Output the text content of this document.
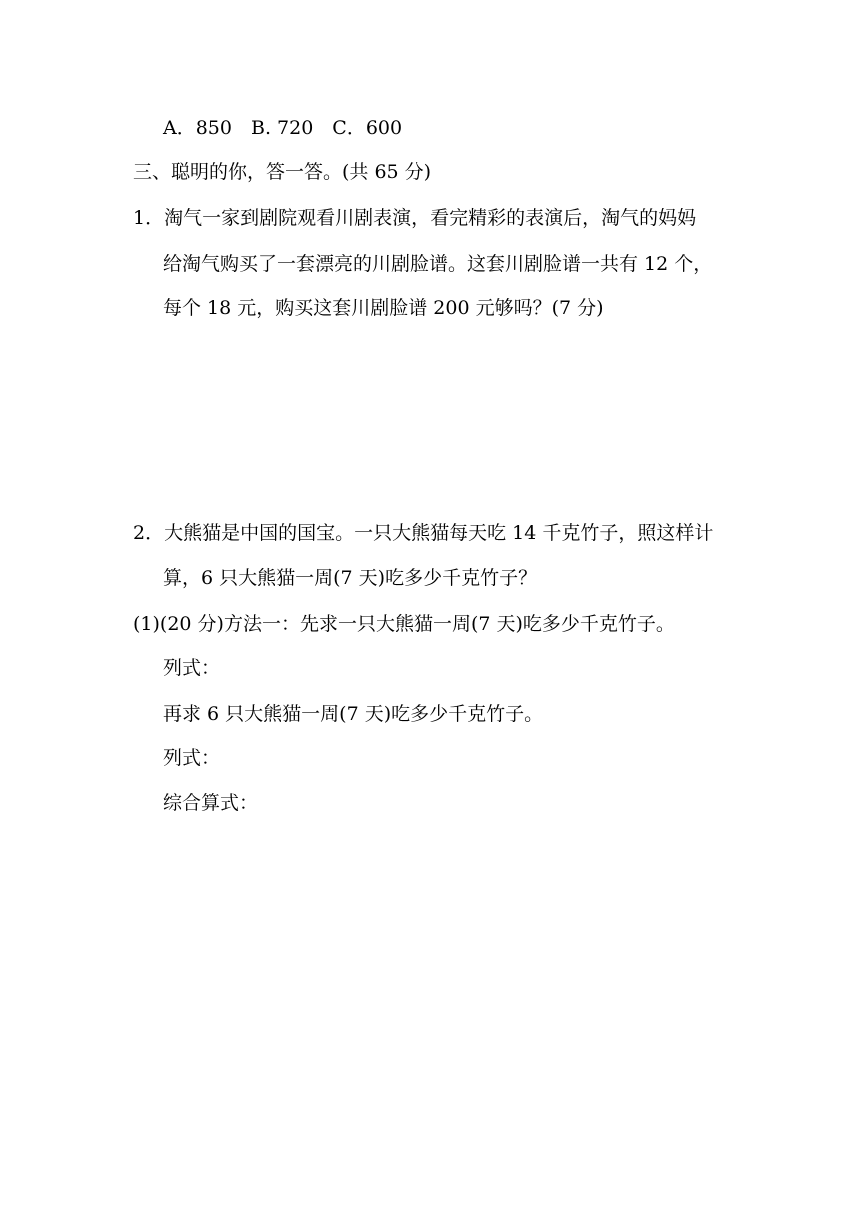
A．850　B. 720　C．600
三、聪明的你，答一答。(共 65 分)
1．淘气一家到剧院观看川剧表演，看完精彩的表演后，淘气的妈妈
给淘气购买了一套漂亮的川剧脸谱。这套川剧脸谱一共有 12 个，
每个 18 元，购买这套川剧脸谱 200 元够吗？(7 分)
2．大熊猫是中国的国宝。一只大熊猫每天吃 14 千克竹子，照这样计
算，6 只大熊猫一周(7 天)吃多少千克竹子？
(1)(20 分)方法一：先求一只大熊猫一周(7 天)吃多少千克竹子。
列式：
再求 6 只大熊猫一周(7 天)吃多少千克竹子。
列式：
综合算式：
